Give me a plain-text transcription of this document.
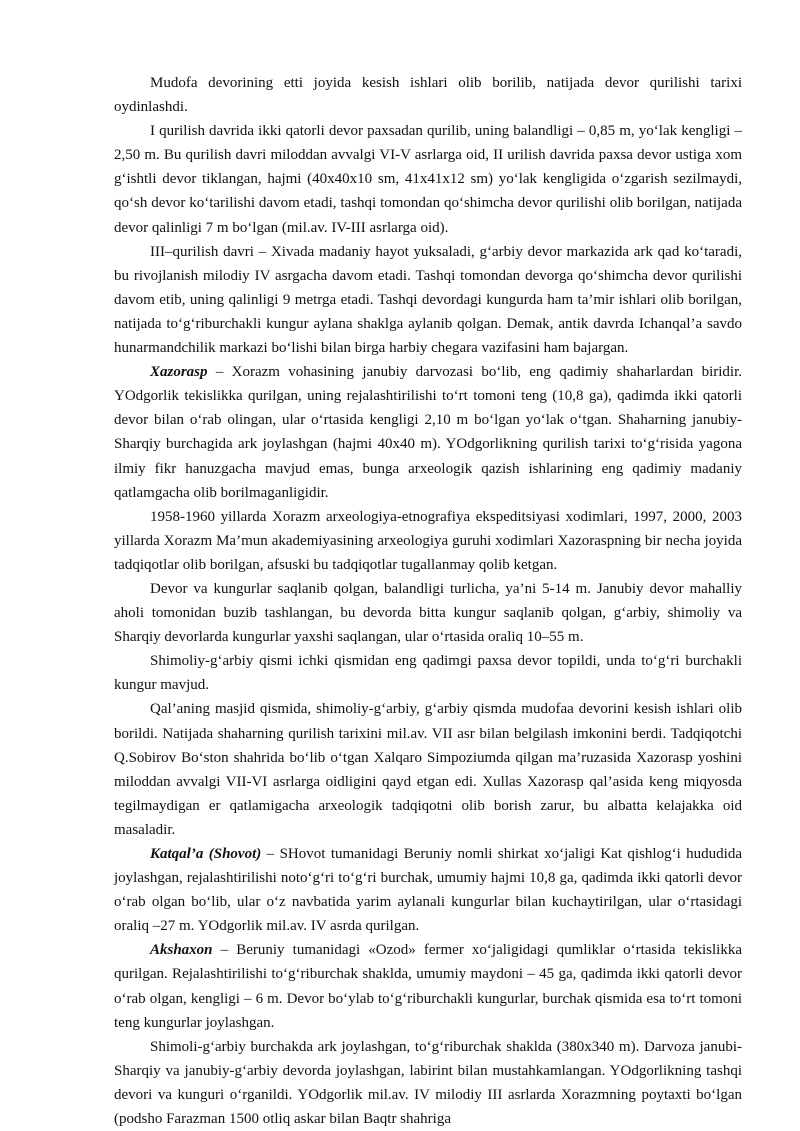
Mudofa devorining etti joyida kesish ishlari olib borilib, natijada devor qurilishi tarixi oydinlashdi.

I qurilish davrida ikki qatorli devor paxsadan qurilib, uning balandligi – 0,85 m, yo‘lak kengligi – 2,50 m. Bu qurilish davri miloddan avvalgi VI-V asrlarga oid, II urilish davrida paxsa devor ustiga xom g‘ishtli devor tiklangan, hajmi (40x40x10 sm, 41x41x12 sm) yo‘lak kengligida o‘zgarish sezilmaydi, qo‘sh devor ko‘tarilishi davom etadi, tashqi tomondan qo‘shimcha devor qurilishi olib borilgan, natijada devor qalinligi 7 m bo‘lgan (mil.av. IV-III asrlarga oid).

III–qurilish davri – Xivada madaniy hayot yuksaladi, g‘arbiy devor markazida ark qad ko‘taradi, bu rivojlanish milodiy IV asrgacha davom etadi. Tashqi tomondan devorga qo‘shimcha devor qurilishi davom etib, uning qalinligi 9 metrga etadi. Tashqi devordagi kungurda ham ta’mir ishlari olib borilgan, natijada to‘g‘riburchakli kungur aylana shaklga aylanib qolgan. Demak, antik davrda Ichanqal’a savdo hunarmandchilik markazi bo‘lishi bilan birga harbiy chegara vazifasini ham bajargan.

Xazorasp – Xorazm vohasining janubiy darvozasi bo‘lib, eng qadimiy shaharlardan biridir. YOdgorlik tekislikka qurilgan, uning rejalashtirilishi to‘rt tomoni teng (10,8 ga), qadimda ikki qatorli devor bilan o‘rab olingan, ular o‘rtasida kengligi 2,10 m bo‘lgan yo‘lak o‘tgan. Shaharning janubiy-Sharqiy burchagida ark joylashgan (hajmi 40x40 m). YOdgorlikning qurilish tarixi to‘g‘risida yagona ilmiy fikr hanuzgacha mavjud emas, bunga arxeologik qazish ishlarining eng qadimiy madaniy qatlamgacha olib borilmaganligidir.

1958-1960 yillarda Xorazm arxeologiya-etnografiya ekspeditsiyasi xodimlari, 1997, 2000, 2003 yillarda Xorazm Ma’mun akademiyasining arxeologiya guruhi xodimlari Xazoraspning bir necha joyida tadqiqotlar olib borilgan, afsuski bu tadqiqotlar tugallanmay qolib ketgan.

Devor va kungurlar saqlanib qolgan, balandligi turlicha, ya’ni 5-14 m. Janubiy devor mahalliy aholi tomonidan buzib tashlangan, bu devorda bitta kungur saqlanib qolgan, g‘arbiy, shimoliy va Sharqiy devorlarda kungurlar yaxshi saqlangan, ular o‘rtasida oraliq 10–55 m.

Shimoliy-g‘arbiy qismi ichki qismidan eng qadimgi paxsa devor topildi, unda to‘g‘ri burchakli kungur mavjud.

Qal’aning masjid qismida, shimoliy-g‘arbiy, g‘arbiy qismda mudofaa devorini kesish ishlari olib borildi. Natijada shaharning qurilish tarixini mil.av. VII asr bilan belgilash imkonini berdi. Tadqiqotchi Q.Sobirov Bo‘ston shahrida bo‘lib o‘tgan Xalqaro Simpoziumda qilgan ma’ruzasida Xazorasp yoshini miloddan avvalgi VII-VI asrlarga oidligini qayd etgan edi. Xullas Xazorasp qal’asida keng miqyosda tegilmaydigan er qatlamigacha arxeologik tadqiqotni olib borish zarur, bu albatta kelajakka oid masaladir.

Katqal’a (Shovot) – SHovot tumanidagi Beruniy nomli shirkat xo‘jaligi Kat qishlog‘i hududida joylashgan, rejalashtirilishi noto‘g‘ri to‘g‘ri burchak, umumiy hajmi 10,8 ga, qadimda ikki qatorli devor o‘rab olgan bo‘lib, ular o‘z navbatida yarim aylanali kungurlar bilan kuchaytirilgan, ular o‘rtasidagi oraliq –27 m. YOdgorlik mil.av. IV asrda qurilgan.

Akshaxon – Beruniy tumanidagi «Ozod» fermer xo‘jaligidagi qumliklar o‘rtasida tekislikka qurilgan. Rejalashtirilishi to‘g‘riburchak shaklda, umumiy maydoni – 45 ga, qadimda ikki qatorli devor o‘rab olgan, kengligi – 6 m. Devor bo‘ylab to‘g‘riburchakli kungurlar, burchak qismida esa to‘rt tomoni teng kungurlar joylashgan.

Shimoli-g‘arbiy burchakda ark joylashgan, to‘g‘riburchak shaklda (380x340 m). Darvoza janubi-Sharqiy va janubiy-g‘arbiy devorda joylashgan, labirint bilan mustahkamlangan. YOdgorlikning tashqi devori va kunguri o‘rganildi. YOdgorlik mil.av. IV milodiy III asrlarda Xorazmning poytaxti bo‘lgan (podsho Farazman 1500 otliq askar bilan Baqtr shahriga
